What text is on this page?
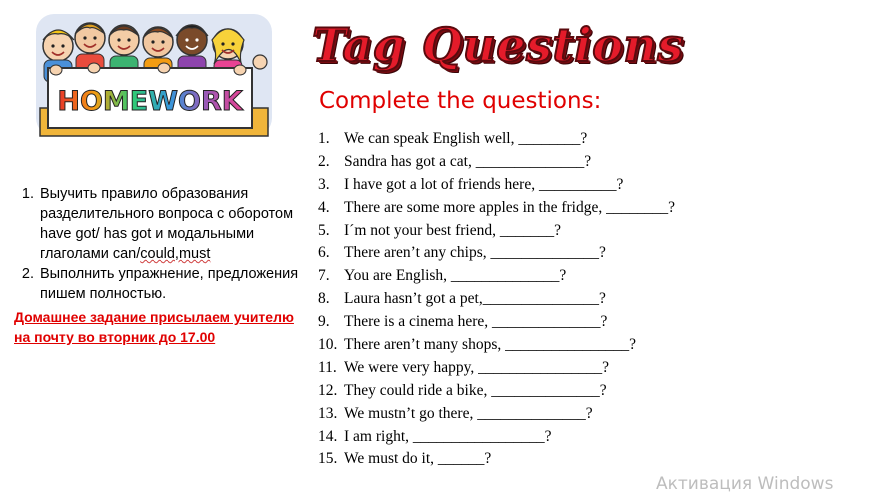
HOMEWORK
1. Выучить правило образования разделительного вопроса с оборотом have got/ has got и модальными глаголами can/could,must
2. Выполнить упражнение, предложения пишем полностью.
Домашнее задание присылаем учителю на почту во вторник до 17.00
Tag Questions
Complete the questions:
1. We can speak English well, ________?
2. Sandra has got a cat, ______________?
3. I have got a lot of friends here, __________?
4. There are some more apples in the fridge, ________?
5. I´m not your best friend, _______?
6. There aren’t any chips, ______________?
7. You are English, ______________?
8. Laura hasn’t got a pet,_______________?
9. There is a cinema here, ______________?
10. There aren’t many shops, ________________?
11. We were very happy, ________________?
12. They could ride a bike, ______________?
13. We mustn’t go there, ______________?
14. I am right, _________________?
15. We must do it, ______?
Активация Windows
